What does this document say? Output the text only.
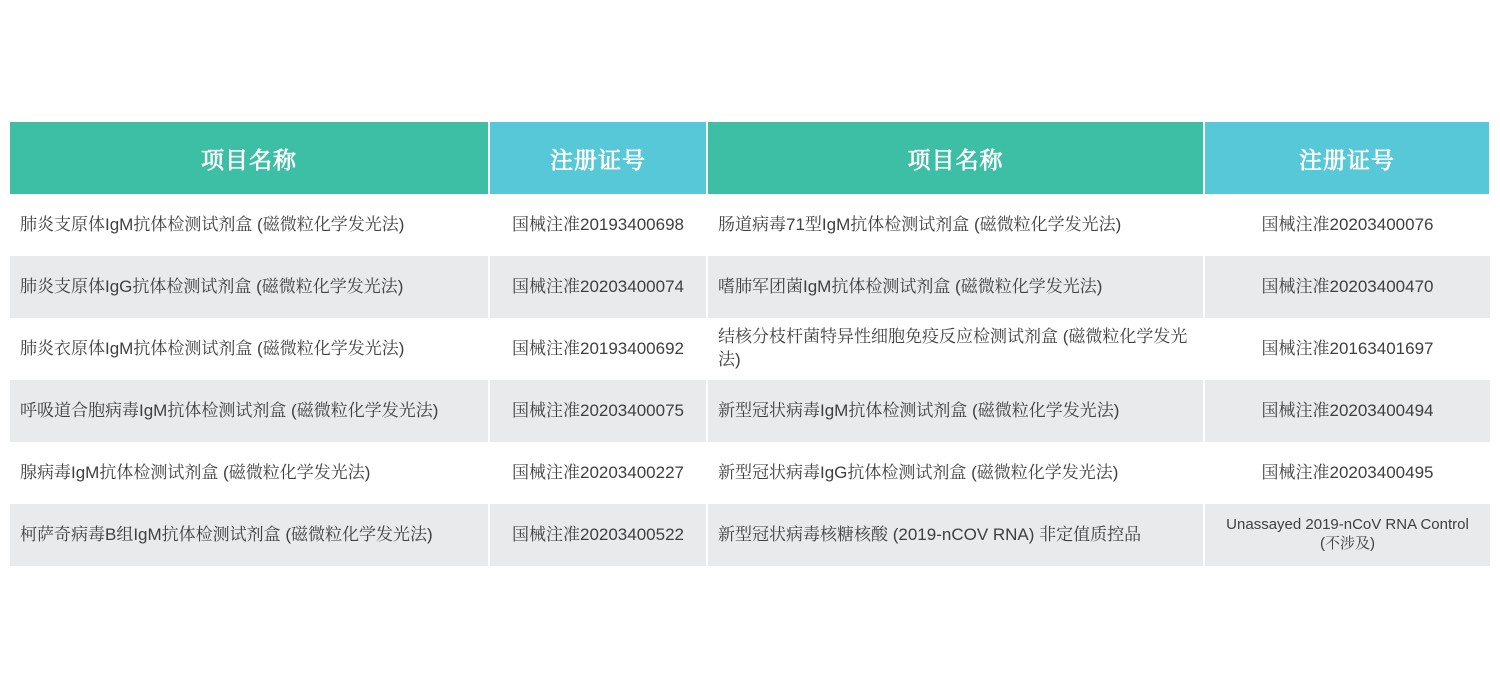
项目名称	注册证号	项目名称	注册证号
肺炎支原体IgM抗体检测试剂盒 (磁微粒化学发光法)	国械注准20193400698	肠道病毒71型IgM抗体检测试剂盒 (磁微粒化学发光法)	国械注准20203400076
肺炎支原体IgG抗体检测试剂盒 (磁微粒化学发光法)	国械注准20203400074	嗜肺军团菌IgM抗体检测试剂盒 (磁微粒化学发光法)	国械注准20203400470
肺炎衣原体IgM抗体检测试剂盒 (磁微粒化学发光法)	国械注准20193400692	结核分枝杆菌特异性细胞免疫反应检测试剂盒 (磁微粒化学发光法)	国械注准20163401697
呼吸道合胞病毒IgM抗体检测试剂盒 (磁微粒化学发光法)	国械注准20203400075	新型冠状病毒IgM抗体检测试剂盒 (磁微粒化学发光法)	国械注准20203400494
腺病毒IgM抗体检测试剂盒 (磁微粒化学发光法)	国械注准20203400227	新型冠状病毒IgG抗体检测试剂盒 (磁微粒化学发光法)	国械注准20203400495
柯萨奇病毒B组IgM抗体检测试剂盒 (磁微粒化学发光法)	国械注准20203400522	新型冠状病毒核糖核酸 (2019-nCOV RNA) 非定值质控品	Unassayed 2019-nCoV RNA Control (不涉及)
